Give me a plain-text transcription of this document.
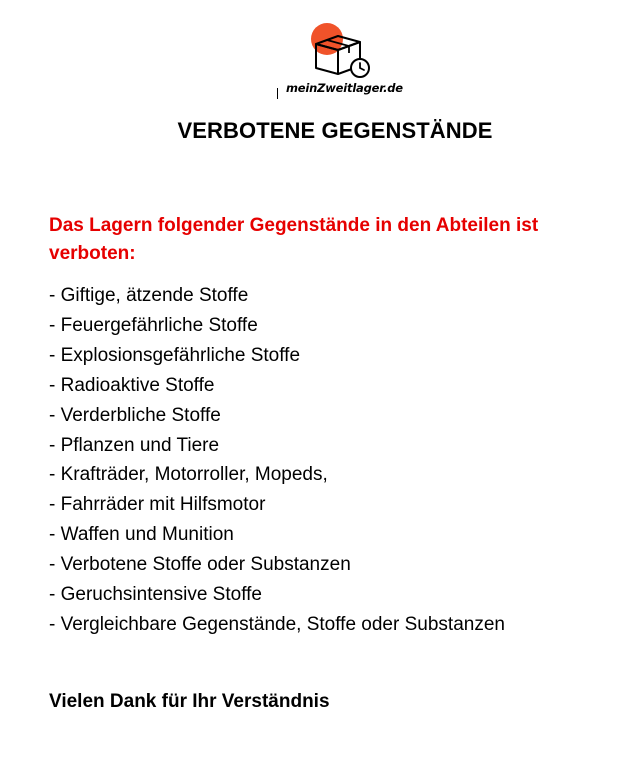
meinZweitlager.de
VERBOTENE GEGENSTÄNDE

Das Lagern folgender Gegenstände in den Abteilen ist verboten:

- Giftige, ätzende Stoffe
- Feuergefährliche Stoffe
- Explosionsgefährliche Stoffe
- Radioaktive Stoffe
- Verderbliche Stoffe
- Pflanzen und Tiere
- Krafträder, Motorroller, Mopeds,
- Fahrräder mit Hilfsmotor
- Waffen und Munition
- Verbotene Stoffe oder Substanzen
- Geruchsintensive Stoffe
- Vergleichbare Gegenstände, Stoffe oder Substanzen

Vielen Dank für Ihr Verständnis
